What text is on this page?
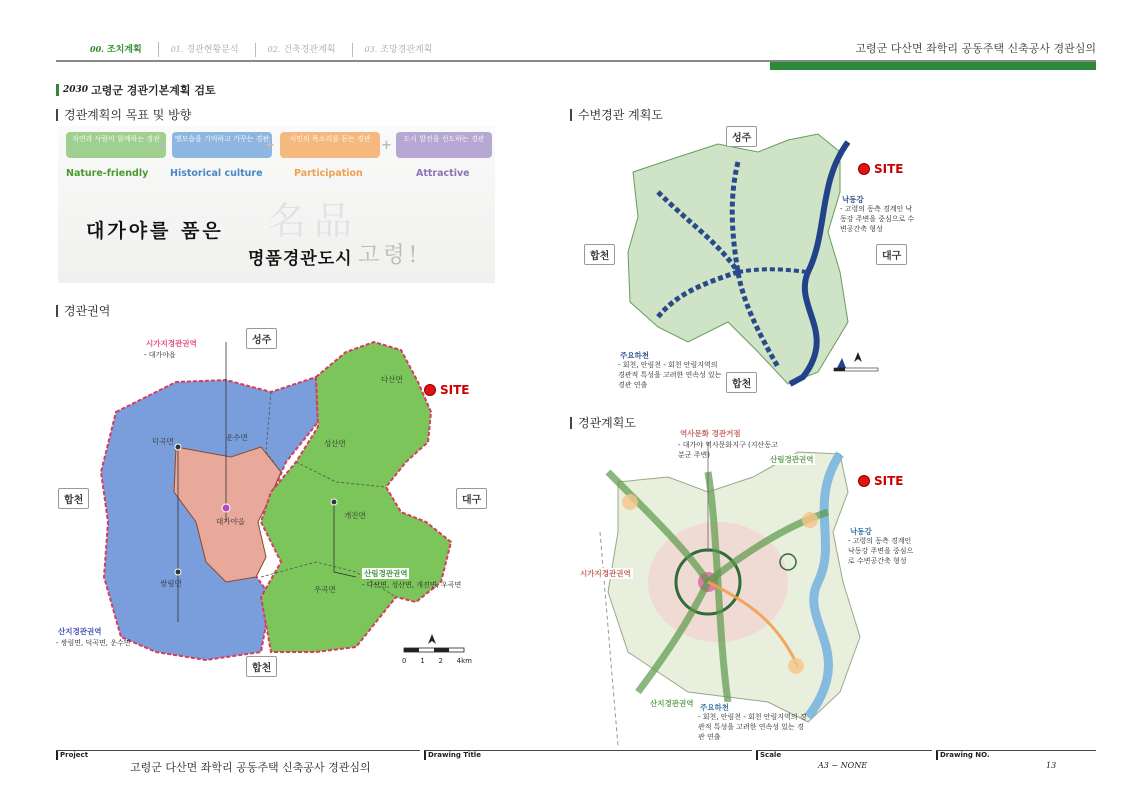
00. 조치계획	01. 경관현황분석	02. 건축경관계획	03. 조망경관계획	고령군 다산면 좌학리 공동주택 신축공사 경관심의
2030 고령군 경관기본계획 검토
경관계획의 목표 및 방향
자연과 사람이 함께하는 경관
+	옛모습을 기억하고 가꾸는 경관
+	시민의 목소리를 듣는 경관 +	도시 발전을 선도하는 경관
Nature-friendly Historical culture	Participation	Attractive
名品
대가야를 품은
명품경관도시 고령!
경관권역
성주
합천
합천	대구
SITE
덕곡면	운수면
다산면
성산면
대가야읍
개진면
쌍림면
우곡면
시가지경관권역
- 대가야읍
산림경관권역
- 다산면, 성산면, 개진면, 우곡면
산지경관권역
- 쌍림면, 덕곡면, 운수면
0 1 2 4km
수변경관 계획도
성주
합천
합천	대구
SITE
낙동강
- 고령의 동측 경계인 낙동강 주변을 중심으로 수변공간축 형성
주요하천
- 회천, 안림천 - 회천 안림지역의 경관적 특성을 고려한 연속성 있는 경관 연출
경관계획도
SITE
역사문화 경관거점
- 대가야 역사문화지구 (지산동고분군 주변)
시가지경관권역
산림경관권역
산지경관권역
낙동강
- 고령의 동측 경계인 낙동강 주변을 중심으로 수변공간축 형성
주요하천
- 회천, 안림천 - 회천 안림지역의 경관적 특성을 고려한 연속성 있는 경관 연출
Project
고령군 다산면 좌학리 공동주택 신축공사 경관심의
Drawing Title	Scale
A3 − NONE
Drawing NO.
13
